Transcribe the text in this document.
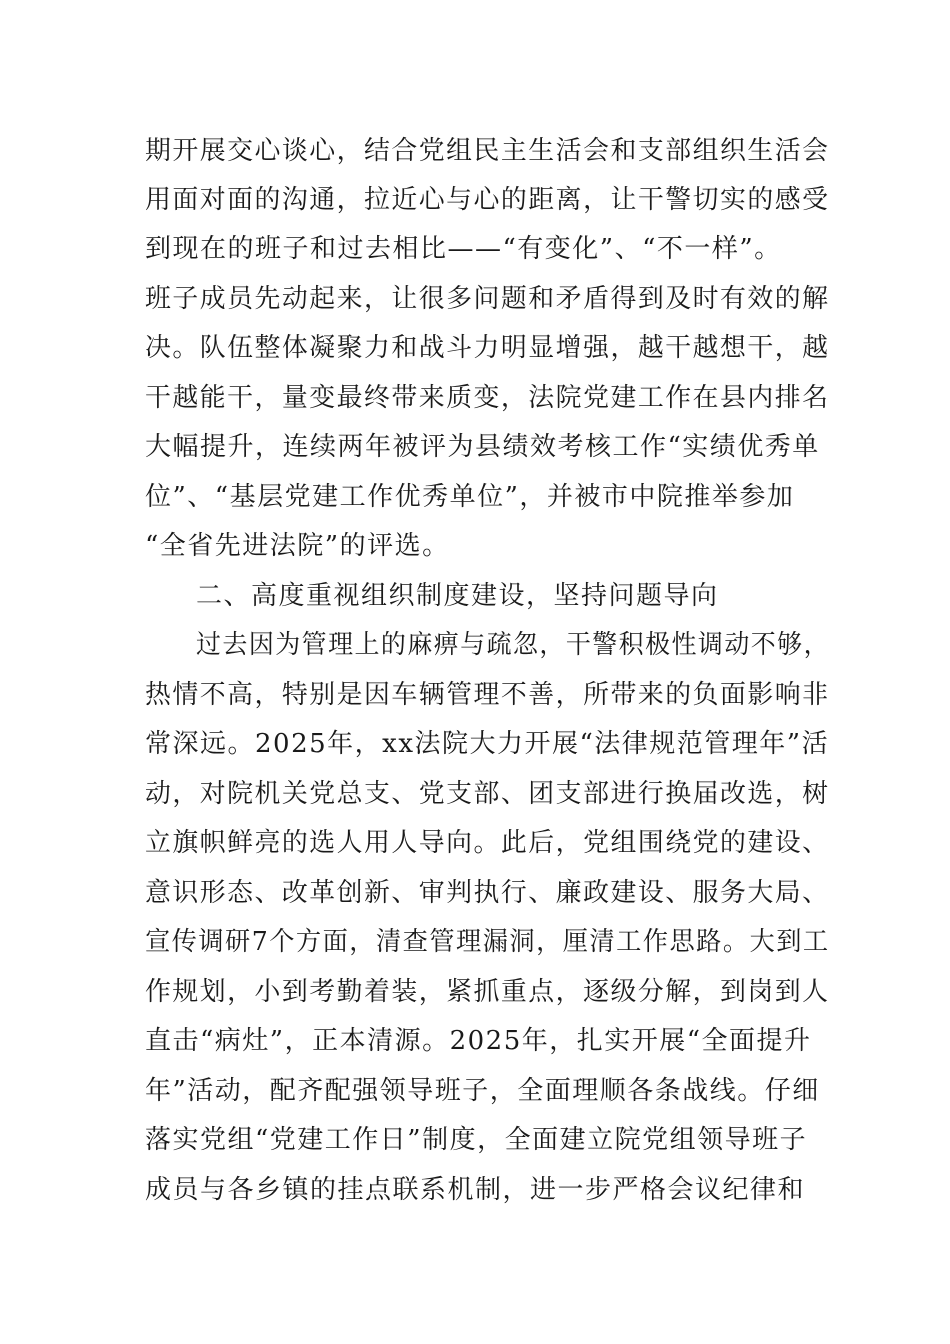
期开展交心谈心，结合党组民主生活会和支部组织生活会
用面对面的沟通，拉近心与心的距离，让干警切实的感受
到现在的班子和过去相比——“有变化”、“不一样”。
班子成员先动起来，让很多问题和矛盾得到及时有效的解
决。队伍整体凝聚力和战斗力明显增强，越干越想干，越
干越能干，量变最终带来质变，法院党建工作在县内排名
大幅提升，连续两年被评为县绩效考核工作“实绩优秀单
位”、“基层党建工作优秀单位”，并被市中院推举参加
“全省先进法院”的评选。
二、高度重视组织制度建设，坚持问题导向
过去因为管理上的麻痹与疏忽，干警积极性调动不够，
热情不高，特别是因车辆管理不善，所带来的负面影响非
常深远。2025年，xx法院大力开展“法律规范管理年”活
动，对院机关党总支、党支部、团支部进行换届改选，树
立旗帜鲜亮的选人用人导向。此后，党组围绕党的建设、
意识形态、改革创新、审判执行、廉政建设、服务大局、
宣传调研7个方面，清查管理漏洞，厘清工作思路。大到工
作规划，小到考勤着装，紧抓重点，逐级分解，到岗到人
直击“病灶”，正本清源。2025年，扎实开展“全面提升
年”活动，配齐配强领导班子，全面理顺各条战线。仔细
落实党组“党建工作日”制度，全面建立院党组领导班子
成员与各乡镇的挂点联系机制，进一步严格会议纪律和
